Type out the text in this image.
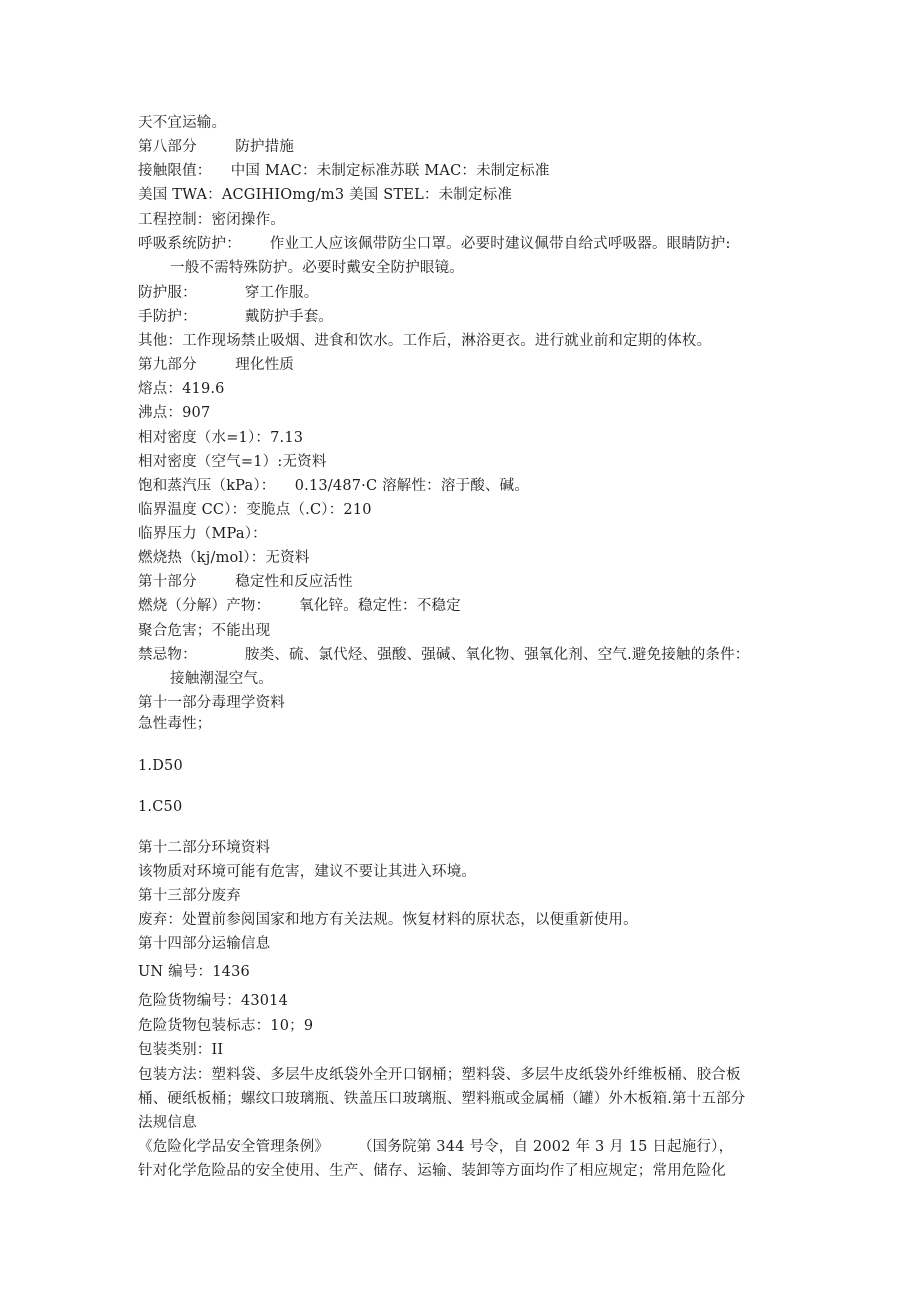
天不宜运输。
第八部分        防护措施
接触限值：    中国 MAC：未制定标准苏联 MAC：未制定标准
美国 TWA：ACGIHIOmg/m3 美国 STEL：未制定标准
工程控制：密闭操作。
呼吸系统防护：      作业工人应该佩带防尘口罩。必要时建议佩带自给式呼吸器。眼睛防护:
一般不需特殊防护。必要时戴安全防护眼镜。
防护服：          穿工作服。
手防护：          戴防护手套。
其他：工作现场禁止吸烟、进食和饮水。工作后，淋浴更衣。进行就业前和定期的体枚。
第九部分        理化性质
熔点：419.6
沸点：907
相对密度（水=1）：7.13
相对密度（空气=1）:无资料
饱和蒸汽压（kPa）：    0.13/487·C 溶解性：溶于酸、碱。
临界温度 CC）：变脆点（.C）：210
临界压力（MPa）：
燃烧热（kj/mol）：无资料
第十部分        稳定性和反应活性
燃烧（分解）产物：      氧化锌。稳定性：不稳定
聚合危害；不能出现
禁忌物：          胺类、硫、氯代烃、强酸、强碱、氧化物、强氧化剂、空气.避免接触的条件：
接触潮湿空气。
第十一部分毒理学资料
急性毒性；
1.D50
1.C50
第十二部分环境资料
该物质对环境可能有危害，建议不要让其进入环境。
第十三部分废弃
废弃：处置前参阅国家和地方有关法规。恢复材料的原状态，以便重新使用。
第十四部分运输信息
UN 编号：1436
危险货物编号：43014
危险货物包装标志：10；9
包装类别：II
包装方法：塑料袋、多层牛皮纸袋外全开口钢桶；塑料袋、多层牛皮纸袋外纤维板桶、胶合板
桶、硬纸板桶；螺纹口玻璃瓶、铁盖压口玻璃瓶、塑料瓶或金属桶（罐）外木板箱.第十五部分
法规信息
《危险化学品安全管理条例》      （国务院第 344 号令，自 2002 年 3 月 15 日起施行），
针对化学危险品的安全使用、生产、储存、运输、装卸等方面均作了相应规定；常用危险化
